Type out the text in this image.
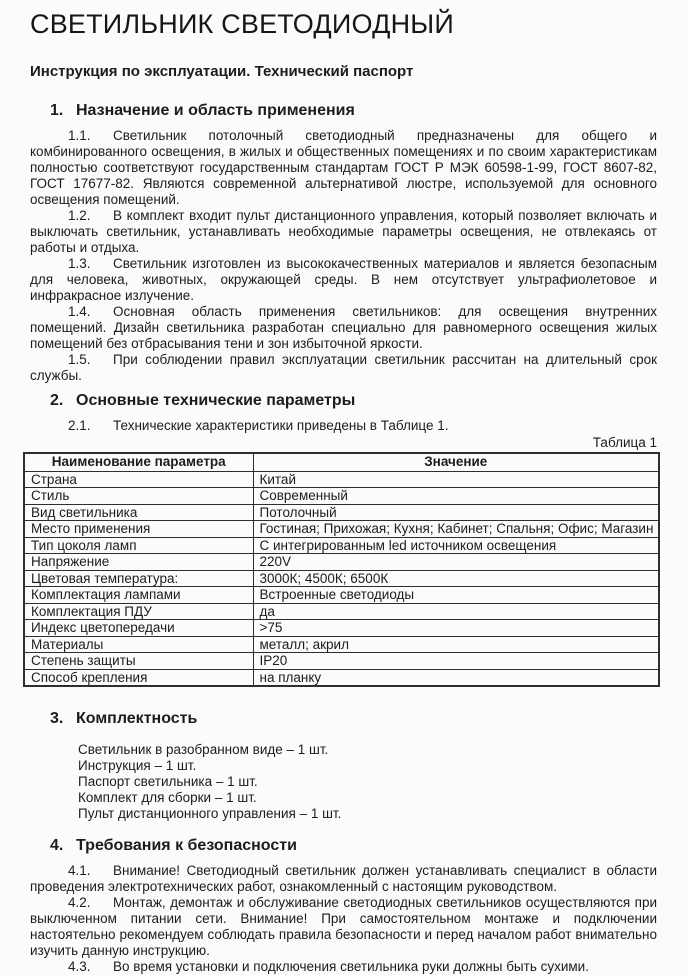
СВЕТИЛЬНИК СВЕТОДИОДНЫЙ
Инструкция по эксплуатации. Технический паспорт
1. Назначение и область применения

1.1. Светильник потолочный светодиодный предназначены для общего и комбинированного освещения, в жилых и общественных помещениях и по своим характеристикам полностью соответствуют государственным стандартам ГОСТ Р МЭК 60598-1-99, ГОСТ 8607-82, ГОСТ 17677-82. Являются современной альтернативой люстре, используемой для основного освещения помещений.

1.2. В комплект входит пульт дистанционного управления, который позволяет включать и выключать светильник, устанавливать необходимые параметры освещения, не отвлекаясь от работы и отдыха.

1.3. Светильник изготовлен из высококачественных материалов и является безопасным для человека, животных, окружающей среды. В нем отсутствует ультрафиолетовое и инфракрасное излучение.

1.4. Основная область применения светильников: для освещения внутренних помещений. Дизайн светильника разработан специально для равномерного освещения жилых помещений без отбрасывания тени и зон избыточной яркости.

1.5. При соблюдении правил эксплуатации светильник рассчитан на длительный срок службы.

2. Основные технические параметры

2.1. Технические характеристики приведены в Таблице 1.

Таблица 1
Наименование параметра	Значение
Страна	Китай
Стиль	Современный
Вид светильника	Потолочный
Место применения	Гостиная; Прихожая; Кухня; Кабинет; Спальня; Офис; Магазин
Тип цоколя ламп	С интегрированным led источником освещения
Напряжение	220V
Цветовая температура:	3000К; 4500К; 6500К
Комплектация лампами	Встроенные светодиоды
Комплектация ПДУ	да
Индекс цветопередачи	>75
Материалы	металл; акрил
Степень защиты	IP20
Способ крепления	на планку
3. Комплектность

Светильник в разобранном виде – 1 шт.

Инструкция – 1 шт.

Паспорт светильника – 1 шт.

Комплект для сборки – 1 шт.

Пульт дистанционного управления – 1 шт.

4. Требования к безопасности

4.1. Внимание! Светодиодный светильник должен устанавливать специалист в области проведения электротехнических работ, ознакомленный с настоящим руководством.

4.2. Монтаж, демонтаж и обслуживание светодиодных светильников осуществляются при выключенном питании сети. Внимание! При самостоятельном монтаже и подключении настоятельно рекомендуем соблюдать правила безопасности и перед началом работ внимательно изучить данную инструкцию.

4.3. Во время установки и подключения светильника руки должны быть сухими.
